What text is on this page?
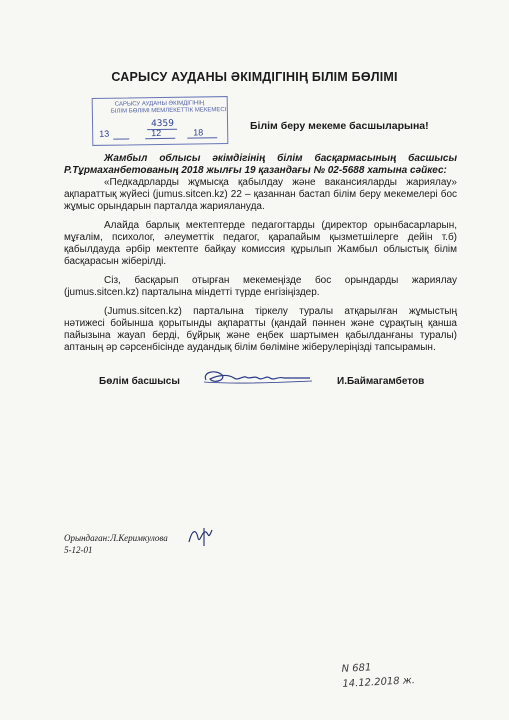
САРЫСУ АУДАНЫ ӘКІМДІГІНІҢ БІЛІМ БӨЛІМІ
САРЫСУ АУДАНЫ ӘКІМДІГІНІҢ
БІЛІМ БӨЛІМІ МЕМЛЕКЕТТІК МЕКЕМЕСІ
4359
13	12	18
Білім беру мекеме басшыларына!

Жамбыл облысы әкімдігінің білім басқармасының басшысы Р.Тұрмаханбетованың 2018 жылғы 19 қазандағы № 02-5688 хатына сәйкес:

«Педкадрларды жұмысқа қабылдау және вакансияларды жариялау» ақпараттық жүйесі (jumus.sitcen.kz) 22 – қазаннан бастап білім беру мекемелері бос жұмыс орындарын парталда жариялануда.

Алайда барлық мектептерде педагогтарды (директор орынбасарларын, мұғалім, психолог, әлеуметтік педагог, қарапайым қызметшілерге дейін т.б) қабылдауда әрбір мектепте байқау комиссия құрылып Жамбыл облыстық білім басқарасын жіберілді.

Сіз, басқарып отырған мекемеңізде бос орындарды жариялау (jumus.sitcen.kz) парталына міндетті түрде енгізіңіздер.

(Jumus.sitcen.kz) парталына тіркелу туралы атқарылған жұмыстың нәтижесі бойынша қорытынды ақпаратты (қандай пәннен және сұрақтың қанша пайызына жауап берді, бұйрық және еңбек шартымен қабылданғаны туралы) аптаның әр сәрсенбісінде аудандық білім бөліміне жіберулеріңізді тапсырамын.

Бөлім басшысы	И.Баймагамбетов
Орындаған:Л.Керимкулова
5-12-01
N 681
14.12.2018 ж.
